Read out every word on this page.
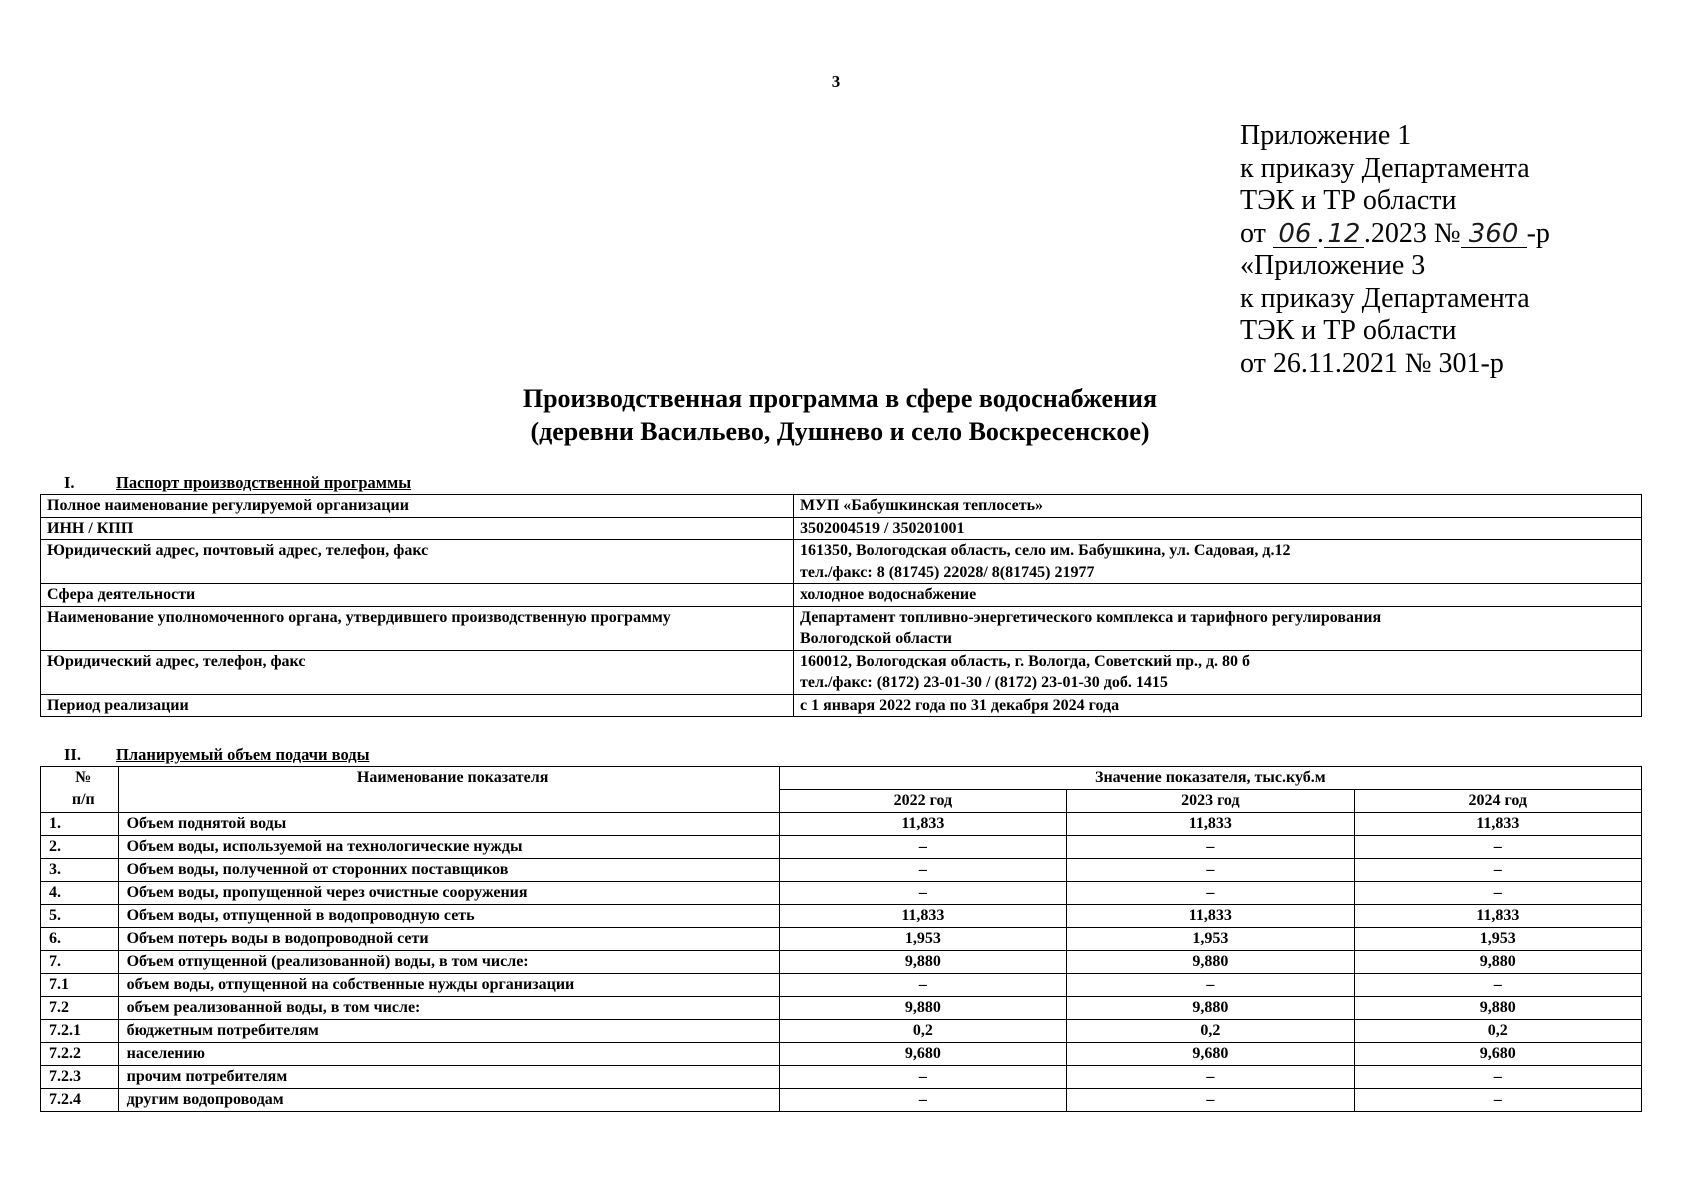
3
Приложение 1
к приказу Департамента
ТЭК и ТР области
от 06 . 12 .2023 № 360 -р
«Приложение 3
к приказу Департамента
ТЭК и ТР области
от 26.11.2021 № 301-р
Производственная программа в сфере водоснабжения
(деревни Васильево, Душнево и село Воскресенское)
I.	Паспорт производственной программы
Полное наименование регулируемой организации	МУП «Бабушкинская теплосеть»

ИНН / КПП	3502004519 / 350201001

Юридический адрес, почтовый адрес, телефон, факс	161350, Вологодская область, село им. Бабушкина, ул. Садовая, д.12
тел./факс: 8 (81745) 22028/ 8(81745) 21977

Сфера деятельности	холодное водоснабжение

Наименование уполномоченного органа, утвердившего производственную программу	Департамент топливно-энергетического комплекса и тарифного регулирования
Вологодской области

Юридический адрес, телефон, факс	160012, Вологодская область, г. Вологда, Советский пр., д. 80 б
тел./факс: (8172) 23-01-30 / (8172) 23-01-30 доб. 1415

Период реализации	с 1 января 2022 года по 31 декабря 2024 года
II. Планируемый объем подачи воды
№
п/п	Наименование показателя	Значение показателя, тыс.куб.м		
		2022 год	2023 год	2024 год
1.	Объем поднятой воды	11,833	11,833	11,833
2.	Объем воды, используемой на технологические нужды	–	–	–
3.	Объем воды, полученной от сторонних поставщиков	–	–	–
4.	Объем воды, пропущенной через очистные сооружения	–	–	–
5.	Объем воды, отпущенной в водопроводную сеть	11,833	11,833	11,833
6.	Объем потерь воды в водопроводной сети	1,953	1,953	1,953
7.	Объем отпущенной (реализованной) воды, в том числе:	9,880	9,880	9,880
7.1	объем воды, отпущенной на собственные нужды организации	–	–	–
7.2	объем реализованной воды, в том числе:	9,880	9,880	9,880
7.2.1	бюджетным потребителям	0,2	0,2	0,2
7.2.2	населению	9,680	9,680	9,680
7.2.3	прочим потребителям	–	–	–
7.2.4	другим водопроводам	–	–	–
